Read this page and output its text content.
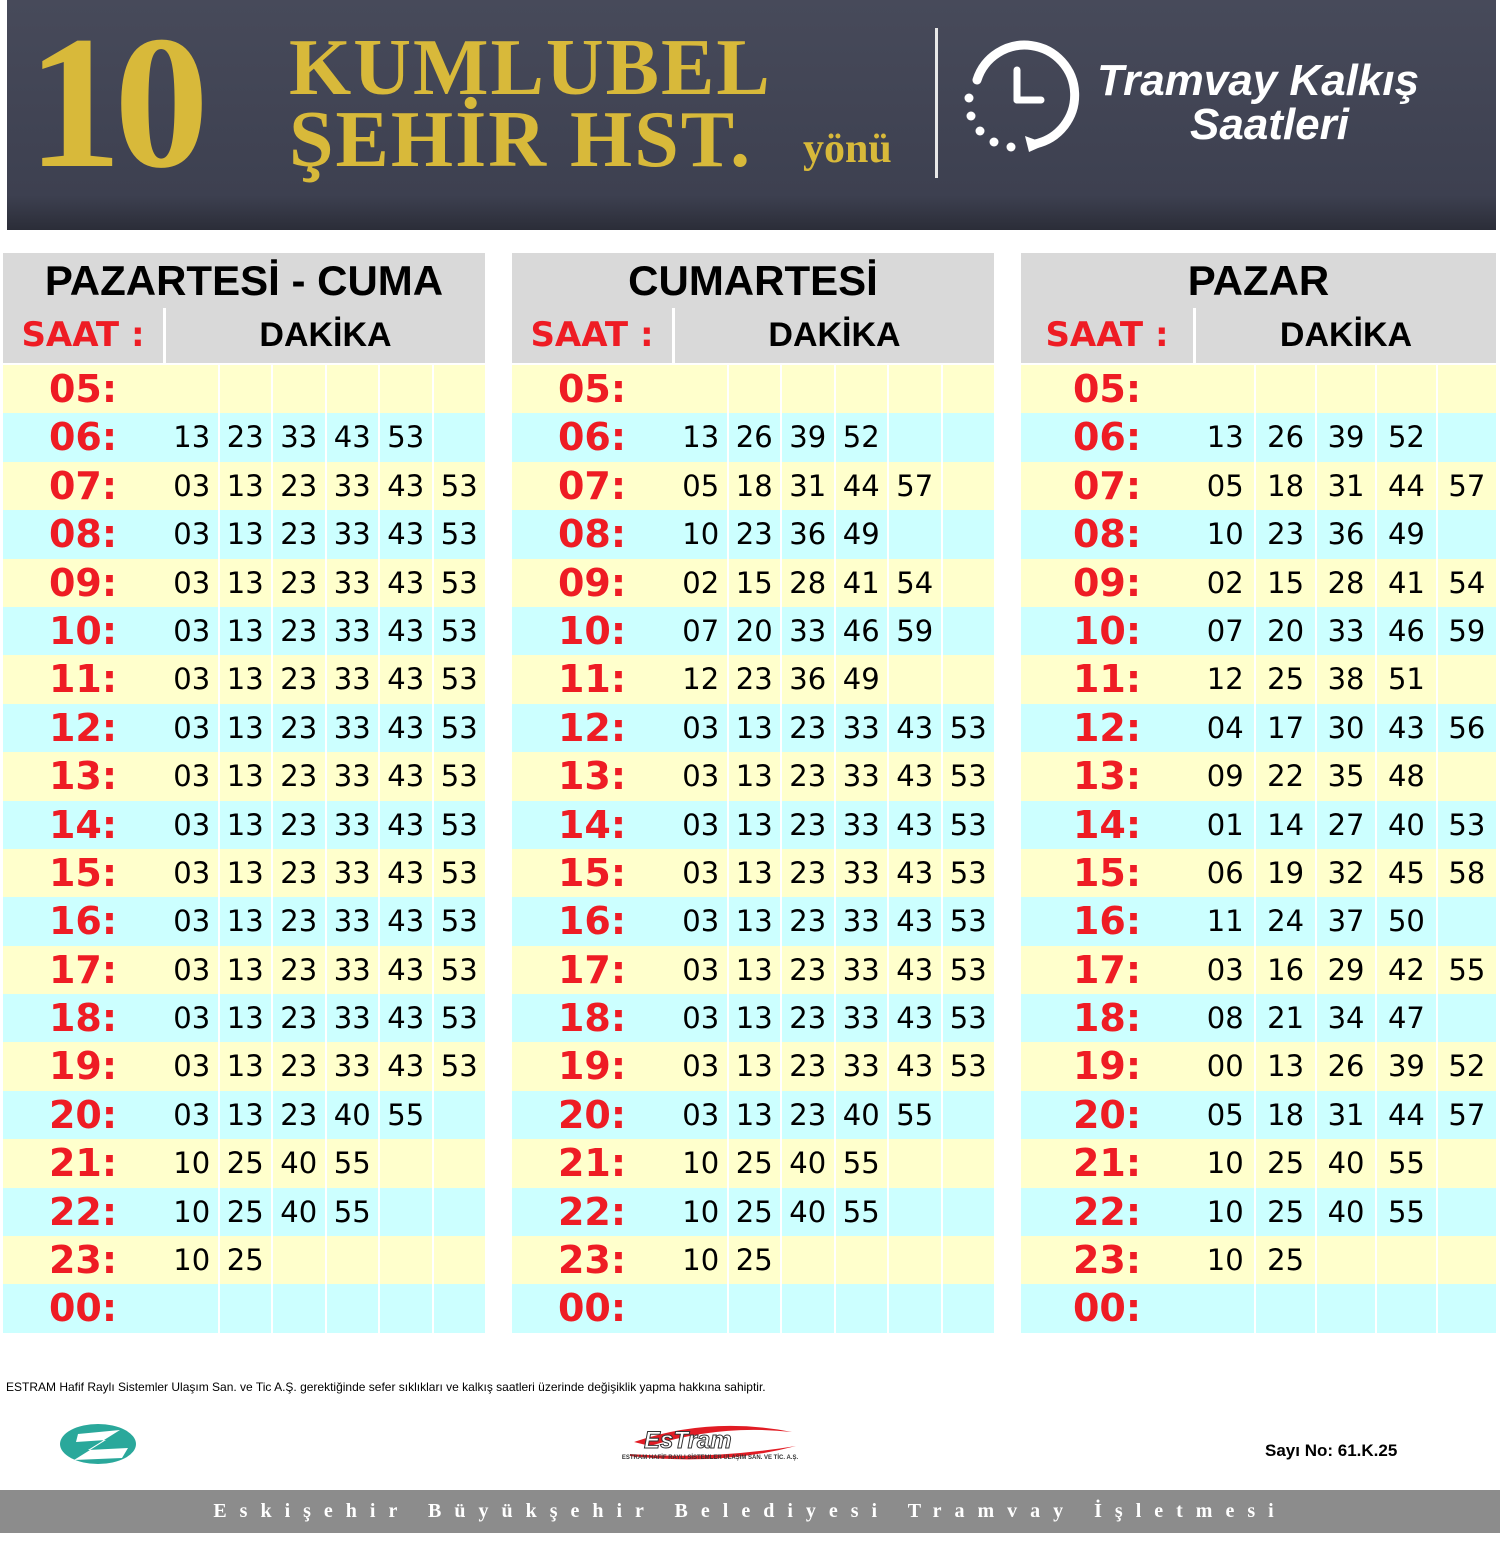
10 KUMLUBEL
ŞEHİR HST. yönü
Tramvay Kalkış
Saatleri
PAZARTESİ - CUMA
SAAT :	DAKİKA
05:
06:	13 23 33 43 53
07:	03 13 23 33 43 53
08:	03 13 23 33 43 53
09:	03 13 23 33 43 53
10:	03 13 23 33 43 53
11:	03 13 23 33 43 53
12:	03 13 23 33 43 53
13:	03 13 23 33 43 53
14:	03 13 23 33 43 53
15:	03 13 23 33 43 53
16:	03 13 23 33 43 53
17:	03 13 23 33 43 53
18:	03 13 23 33 43 53
19:	03 13 23 33 43 53
20:	03 13 23 40 55
21:	10 25 40 55
22:	10 25 40 55
23:	10 25
00:
CUMARTESİ
SAAT :	DAKİKA
05:
06:	13 26 39 52
07:	05 18 31 44 57
08:	10 23 36 49
09:	02 15 28 41 54
10:	07 20 33 46 59
11:	12 23 36 49
12:	03 13 23 33 43 53
13:	03 13 23 33 43 53
14:	03 13 23 33 43 53
15:	03 13 23 33 43 53
16:	03 13 23 33 43 53
17:	03 13 23 33 43 53
18:	03 13 23 33 43 53
19:	03 13 23 33 43 53
20:	03 13 23 40 55
21:	10 25 40 55
22:	10 25 40 55
23:	10 25
00:
PAZAR
SAAT :	DAKİKA
05:
06:	13 26 39 52
07:	05 18 31 44 57
08:	10 23 36 49
09:	02 15 28 41 54
10:	07 20 33 46 59
11:	12 25 38 51
12:	04 17 30 43 56
13:	09 22 35 48
14:	01 14 27 40 53
15:	06 19 32 45 58
16:	11 24 37 50
17:	03 16 29 42 55
18:	08 21 34 47
19:	00 13 26 39 52
20:	05 18 31 44 57
21:	10 25 40 55
22:	10 25 40 55
23:	10 25
00:
ESTRAM Hafif Raylı Sistemler Ulaşım San. ve Tic A.Ş. gerektiğinde sefer sıklıkları ve kalkış saatleri üzerinde değişiklik yapma hakkına sahiptir.
EsTram
ESTRAM HAFİF RAYLI SİSTEMLER ULAŞIM SAN. VE TİC. A.Ş.	Sayı No: 61.K.25
Eskişehir Büyükşehir Belediyesi Tramvay İşletmesi
